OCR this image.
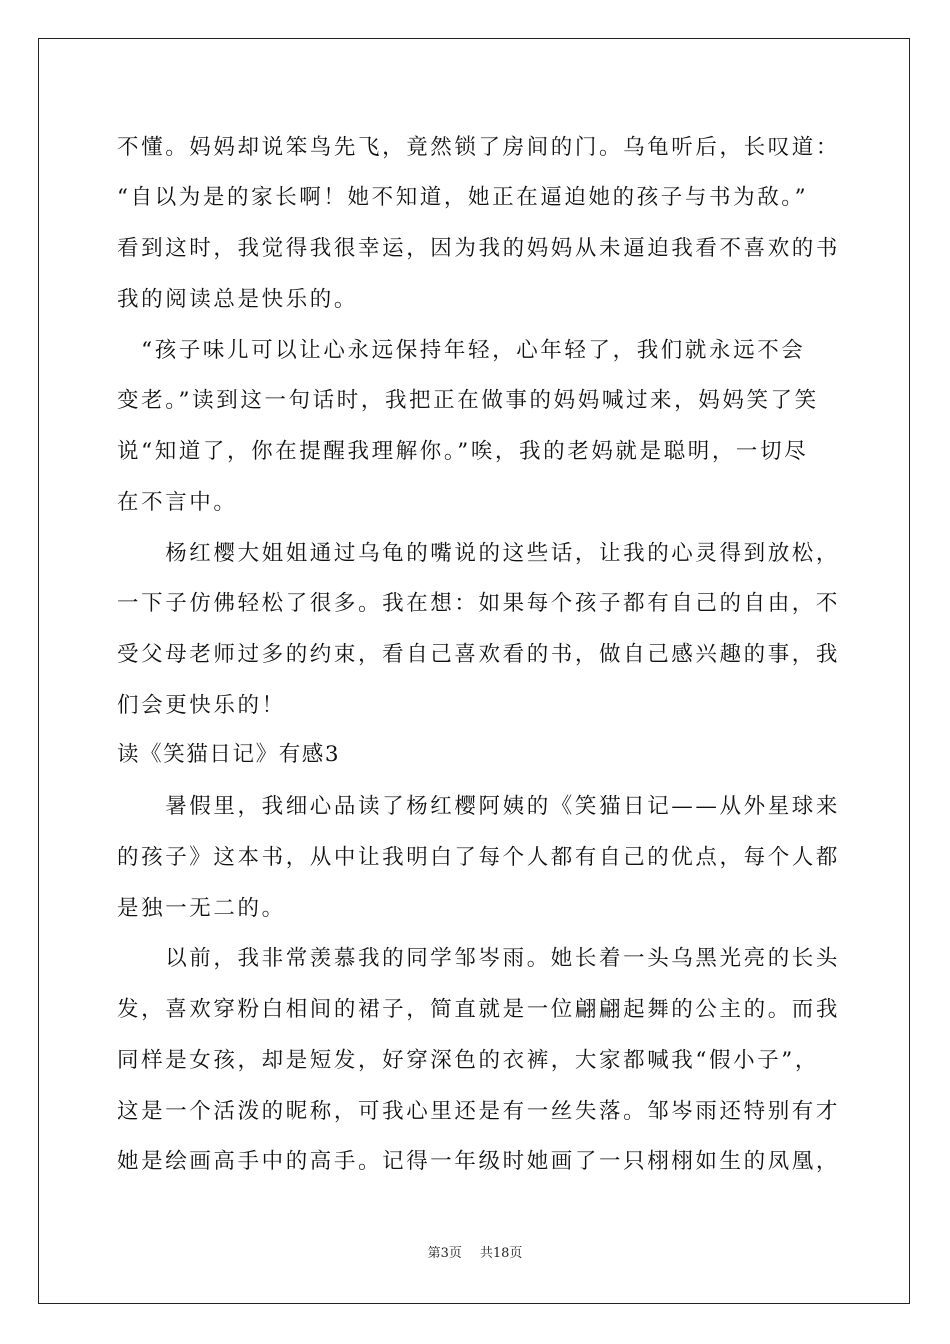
不懂。妈妈却说笨鸟先飞，竟然锁了房间的门。乌龟听后，长叹道：
“自以为是的家长啊！她不知道，她正在逼迫她的孩子与书为敌。”
看到这时，我觉得我很幸运，因为我的妈妈从未逼迫我看不喜欢的书
我的阅读总是快乐的。
　“孩子味儿可以让心永远保持年轻，心年轻了，我们就永远不会
变老。”读到这一句话时，我把正在做事的妈妈喊过来，妈妈笑了笑
说“知道了，你在提醒我理解你。”唉，我的老妈就是聪明，一切尽
在不言中。
　　杨红樱大姐姐通过乌龟的嘴说的这些话，让我的心灵得到放松，
一下子仿佛轻松了很多。我在想：如果每个孩子都有自己的自由，不
受父母老师过多的约束，看自己喜欢看的书，做自己感兴趣的事，我
们会更快乐的！
读《笑猫日记》有感3
　　暑假里，我细心品读了杨红樱阿姨的《笑猫日记——从外星球来
的孩子》这本书，从中让我明白了每个人都有自己的优点，每个人都
是独一无二的。
　　以前，我非常羡慕我的同学邹岑雨。她长着一头乌黑光亮的长头
发，喜欢穿粉白相间的裙子，简直就是一位翩翩起舞的公主的。而我
同样是女孩，却是短发，好穿深色的衣裤，大家都喊我“假小子”，
这是一个活泼的昵称，可我心里还是有一丝失落。邹岑雨还特别有才
她是绘画高手中的高手。记得一年级时她画了一只栩栩如生的凤凰，
第3页 共18页
